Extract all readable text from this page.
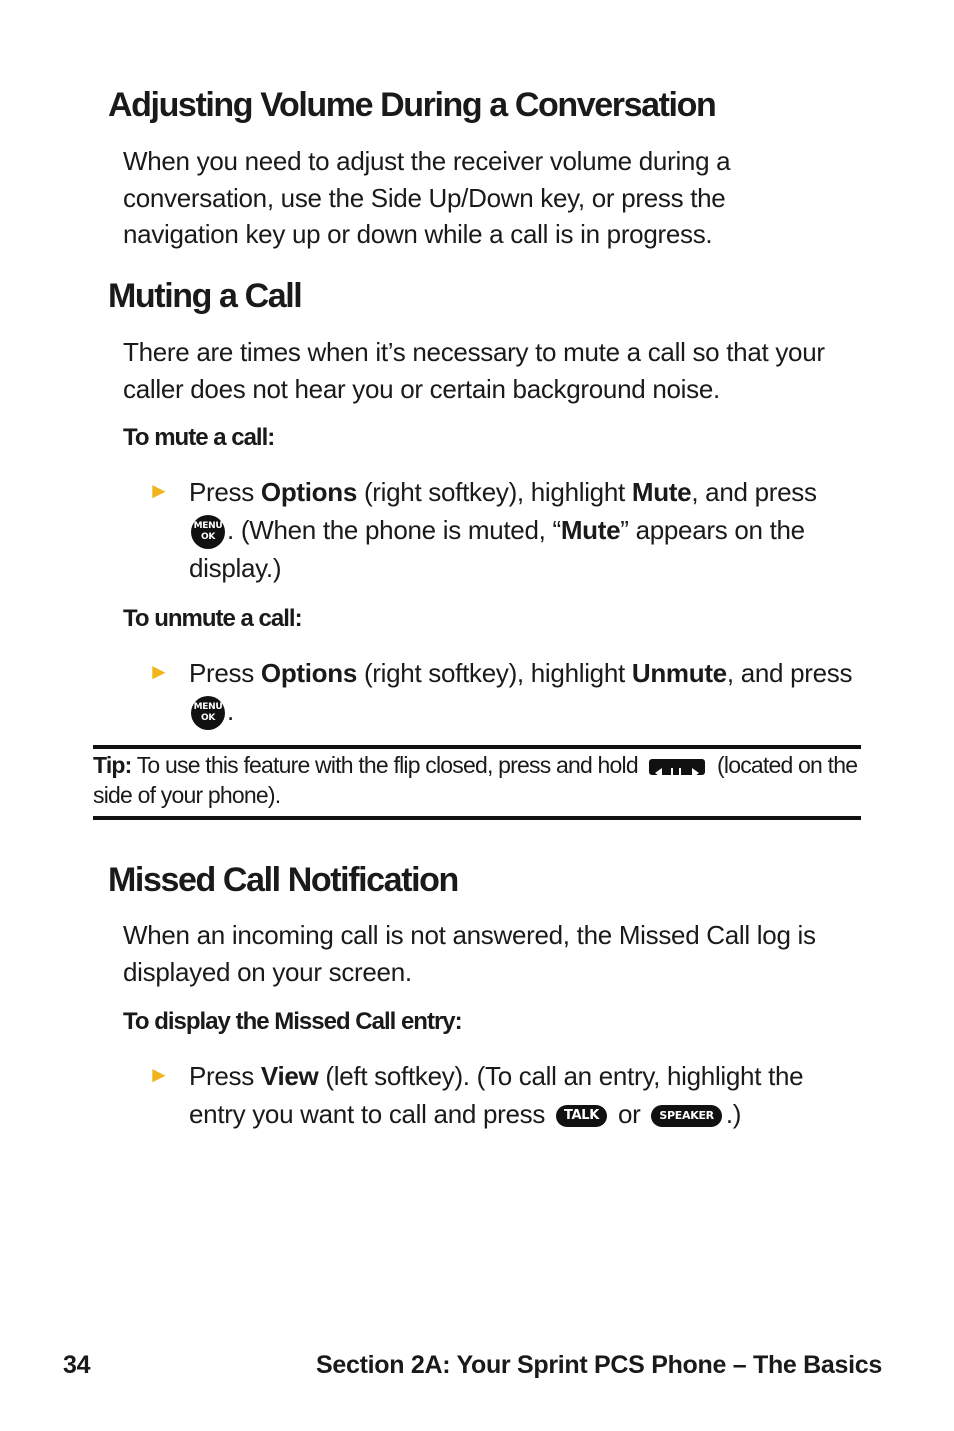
Adjusting Volume During a Conversation

When you need to adjust the receiver volume during a conversation, use the Side Up/Down key, or press the navigation key up or down while a call is in progress.

Muting a Call

There are times when it’s necessary to mute a call so that your caller does not hear you or certain background noise.

To mute a call:
► Press Options (right softkey), highlight Mute, and press
MENU
OK . (When the phone is muted, “Mute” appears on the display.)
To unmute a call:
► Press Options (right softkey), highlight Unmute, and press MENU
OK .
Tip: To use this feature with the flip closed, press and hold	(located on the side of your phone).
Missed Call Notification

When an incoming call is not answered, the Missed Call log is displayed on your screen.

To display the Missed Call entry:
► Press View (left softkey). (To call an entry, highlight the entry you want to call and press TALK or SPEAKER .)
34	Section 2A: Your Sprint PCS Phone – The Basics
